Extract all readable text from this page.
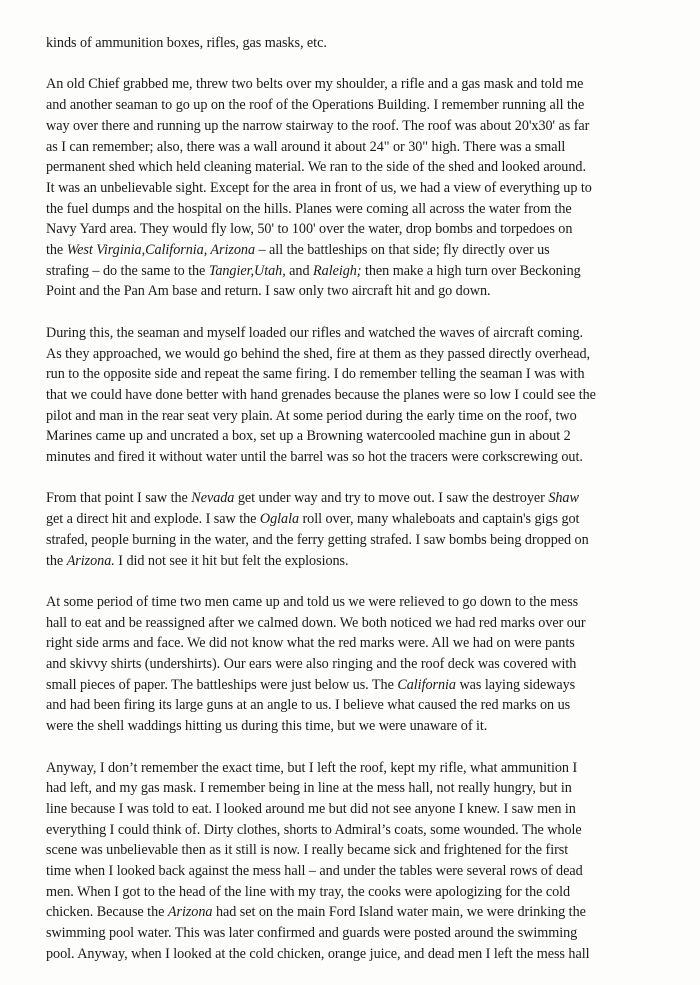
kinds of ammunition boxes, rifles, gas masks, etc.
An old Chief grabbed me, threw two belts over my shoulder, a rifle and a gas mask and told me
and another seaman to go up on the roof of the Operations Building. I remember running all the
way over there and running up the narrow stairway to the roof. The roof was about 20'x30' as far
as I can remember; also, there was a wall around it about 24" or 30" high. There was a small
permanent shed which held cleaning material. We ran to the side of the shed and looked around.
It was an unbelievable sight. Except for the area in front of us, we had a view of everything up to
the fuel dumps and the hospital on the hills. Planes were coming all across the water from the
Navy Yard area. They would fly low, 50' to 100' over the water, drop bombs and torpedoes on
the West Virginia,California, Arizona – all the battleships on that side; fly directly over us
strafing – do the same to the Tangier,Utah, and Raleigh; then make a high turn over Beckoning
Point and the Pan Am base and return. I saw only two aircraft hit and go down.
During this, the seaman and myself loaded our rifles and watched the waves of aircraft coming.
As they approached, we would go behind the shed, fire at them as they passed directly overhead,
run to the opposite side and repeat the same firing. I do remember telling the seaman I was with
that we could have done better with hand grenades because the planes were so low I could see the
pilot and man in the rear seat very plain. At some period during the early time on the roof, two
Marines came up and uncrated a box, set up a Browning watercooled machine gun in about 2
minutes and fired it without water until the barrel was so hot the tracers were corkscrewing out.
From that point I saw the Nevada get under way and try to move out. I saw the destroyer Shaw
get a direct hit and explode. I saw the Oglala roll over, many whaleboats and captain's gigs got
strafed, people burning in the water, and the ferry getting strafed. I saw bombs being dropped on
the Arizona. I did not see it hit but felt the explosions.
At some period of time two men came up and told us we were relieved to go down to the mess
hall to eat and be reassigned after we calmed down. We both noticed we had red marks over our
right side arms and face. We did not know what the red marks were. All we had on were pants
and skivvy shirts (undershirts). Our ears were also ringing and the roof deck was covered with
small pieces of paper. The battleships were just below us. The California was laying sideways
and had been firing its large guns at an angle to us. I believe what caused the red marks on us
were the shell waddings hitting us during this time, but we were unaware of it.
Anyway, I don’t remember the exact time, but I left the roof, kept my rifle, what ammunition I
had left, and my gas mask. I remember being in line at the mess hall, not really hungry, but in
line because I was told to eat. I looked around me but did not see anyone I knew. I saw men in
everything I could think of. Dirty clothes, shorts to Admiral’s coats, some wounded. The whole
scene was unbelievable then as it still is now. I really became sick and frightened for the first
time when I looked back against the mess hall – and under the tables were several rows of dead
men. When I got to the head of the line with my tray, the cooks were apologizing for the cold
chicken. Because the Arizona had set on the main Ford Island water main, we were drinking the
swimming pool water. This was later confirmed and guards were posted around the swimming
pool. Anyway, when I looked at the cold chicken, orange juice, and dead men I left the mess hall
